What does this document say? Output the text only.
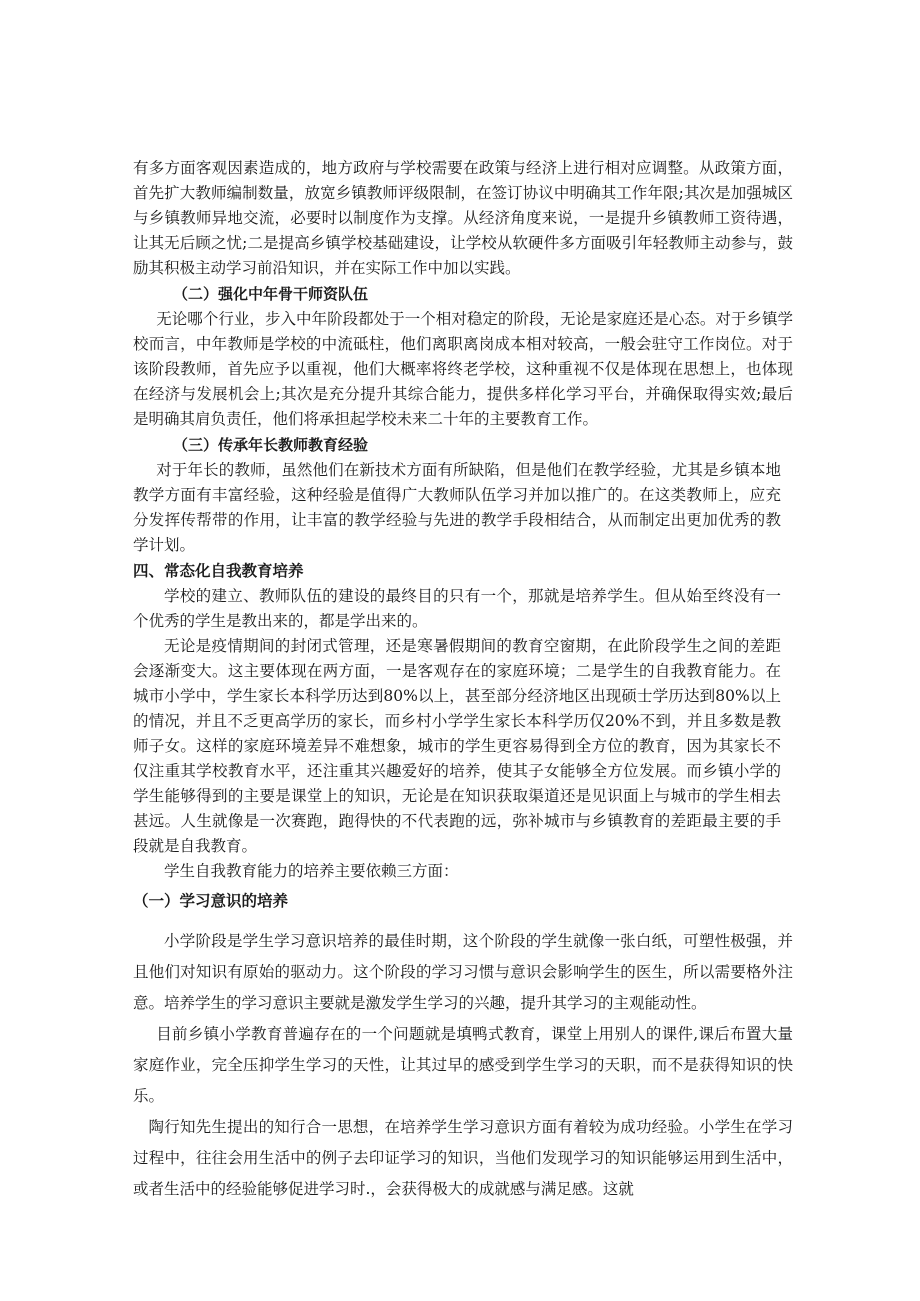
有多方面客观因素造成的，地方政府与学校需要在政策与经济上进行相对应调整。从政策方面，首先扩大教师编制数量，放宽乡镇教师评级限制，在签订协议中明确其工作年限;其次是加强城区与乡镇教师异地交流，必要时以制度作为支撑。从经济角度来说，一是提升乡镇教师工资待遇，让其无后顾之忧;二是提高乡镇学校基础建设，让学校从软硬件多方面吸引年轻教师主动参与，鼓励其积极主动学习前沿知识，并在实际工作中加以实践。

（二）强化中年骨干师资队伍

无论哪个行业，步入中年阶段都处于一个相对稳定的阶段，无论是家庭还是心态。对于乡镇学校而言，中年教师是学校的中流砥柱，他们离职离岗成本相对较高，一般会驻守工作岗位。对于该阶段教师，首先应予以重视，他们大概率将终老学校，这种重视不仅是体现在思想上，也体现在经济与发展机会上;其次是充分提升其综合能力，提供多样化学习平台，并确保取得实效;最后是明确其肩负责任，他们将承担起学校未来二十年的主要教育工作。

（三）传承年长教师教育经验

对于年长的教师，虽然他们在新技术方面有所缺陷，但是他们在教学经验，尤其是乡镇本地教学方面有丰富经验，这种经验是值得广大教师队伍学习并加以推广的。在这类教师上，应充分发挥传帮带的作用，让丰富的教学经验与先进的教学手段相结合，从而制定出更加优秀的教学计划。

四、常态化自我教育培养

学校的建立、教师队伍的建设的最终目的只有一个，那就是培养学生。但从始至终没有一个优秀的学生是教出来的，都是学出来的。

无论是疫情期间的封闭式管理，还是寒暑假期间的教育空窗期，在此阶段学生之间的差距会逐渐变大。这主要体现在两方面，一是客观存在的家庭环境；二是学生的自我教育能力。在城市小学中，学生家长本科学历达到80%以上，甚至部分经济地区出现硕士学历达到80%以上的情况，并且不乏更高学历的家长，而乡村小学学生家长本科学历仅20%不到，并且多数是教师子女。这样的家庭环境差异不难想象，城市的学生更容易得到全方位的教育，因为其家长不仅注重其学校教育水平，还注重其兴趣爱好的培养，使其子女能够全方位发展。而乡镇小学的学生能够得到的主要是课堂上的知识，无论是在知识获取渠道还是见识面上与城市的学生相去甚远。人生就像是一次赛跑，跑得快的不代表跑的远，弥补城市与乡镇教育的差距最主要的手段就是自我教育。

学生自我教育能力的培养主要依赖三方面：

（一）学习意识的培养

小学阶段是学生学习意识培养的最佳时期，这个阶段的学生就像一张白纸，可塑性极强，并且他们对知识有原始的驱动力。这个阶段的学习习惯与意识会影响学生的医生，所以需要格外注意。培养学生的学习意识主要就是激发学生学习的兴趣，提升其学习的主观能动性。

目前乡镇小学教育普遍存在的一个问题就是填鸭式教育，课堂上用别人的课件,课后布置大量家庭作业，完全压抑学生学习的天性，让其过早的感受到学生学习的天职，而不是获得知识的快乐。

陶行知先生提出的知行合一思想，在培养学生学习意识方面有着较为成功经验。小学生在学习过程中，往往会用生活中的例子去印证学习的知识，当他们发现学习的知识能够运用到生活中，或者生活中的经验能够促进学习时.，会获得极大的成就感与满足感。这就
